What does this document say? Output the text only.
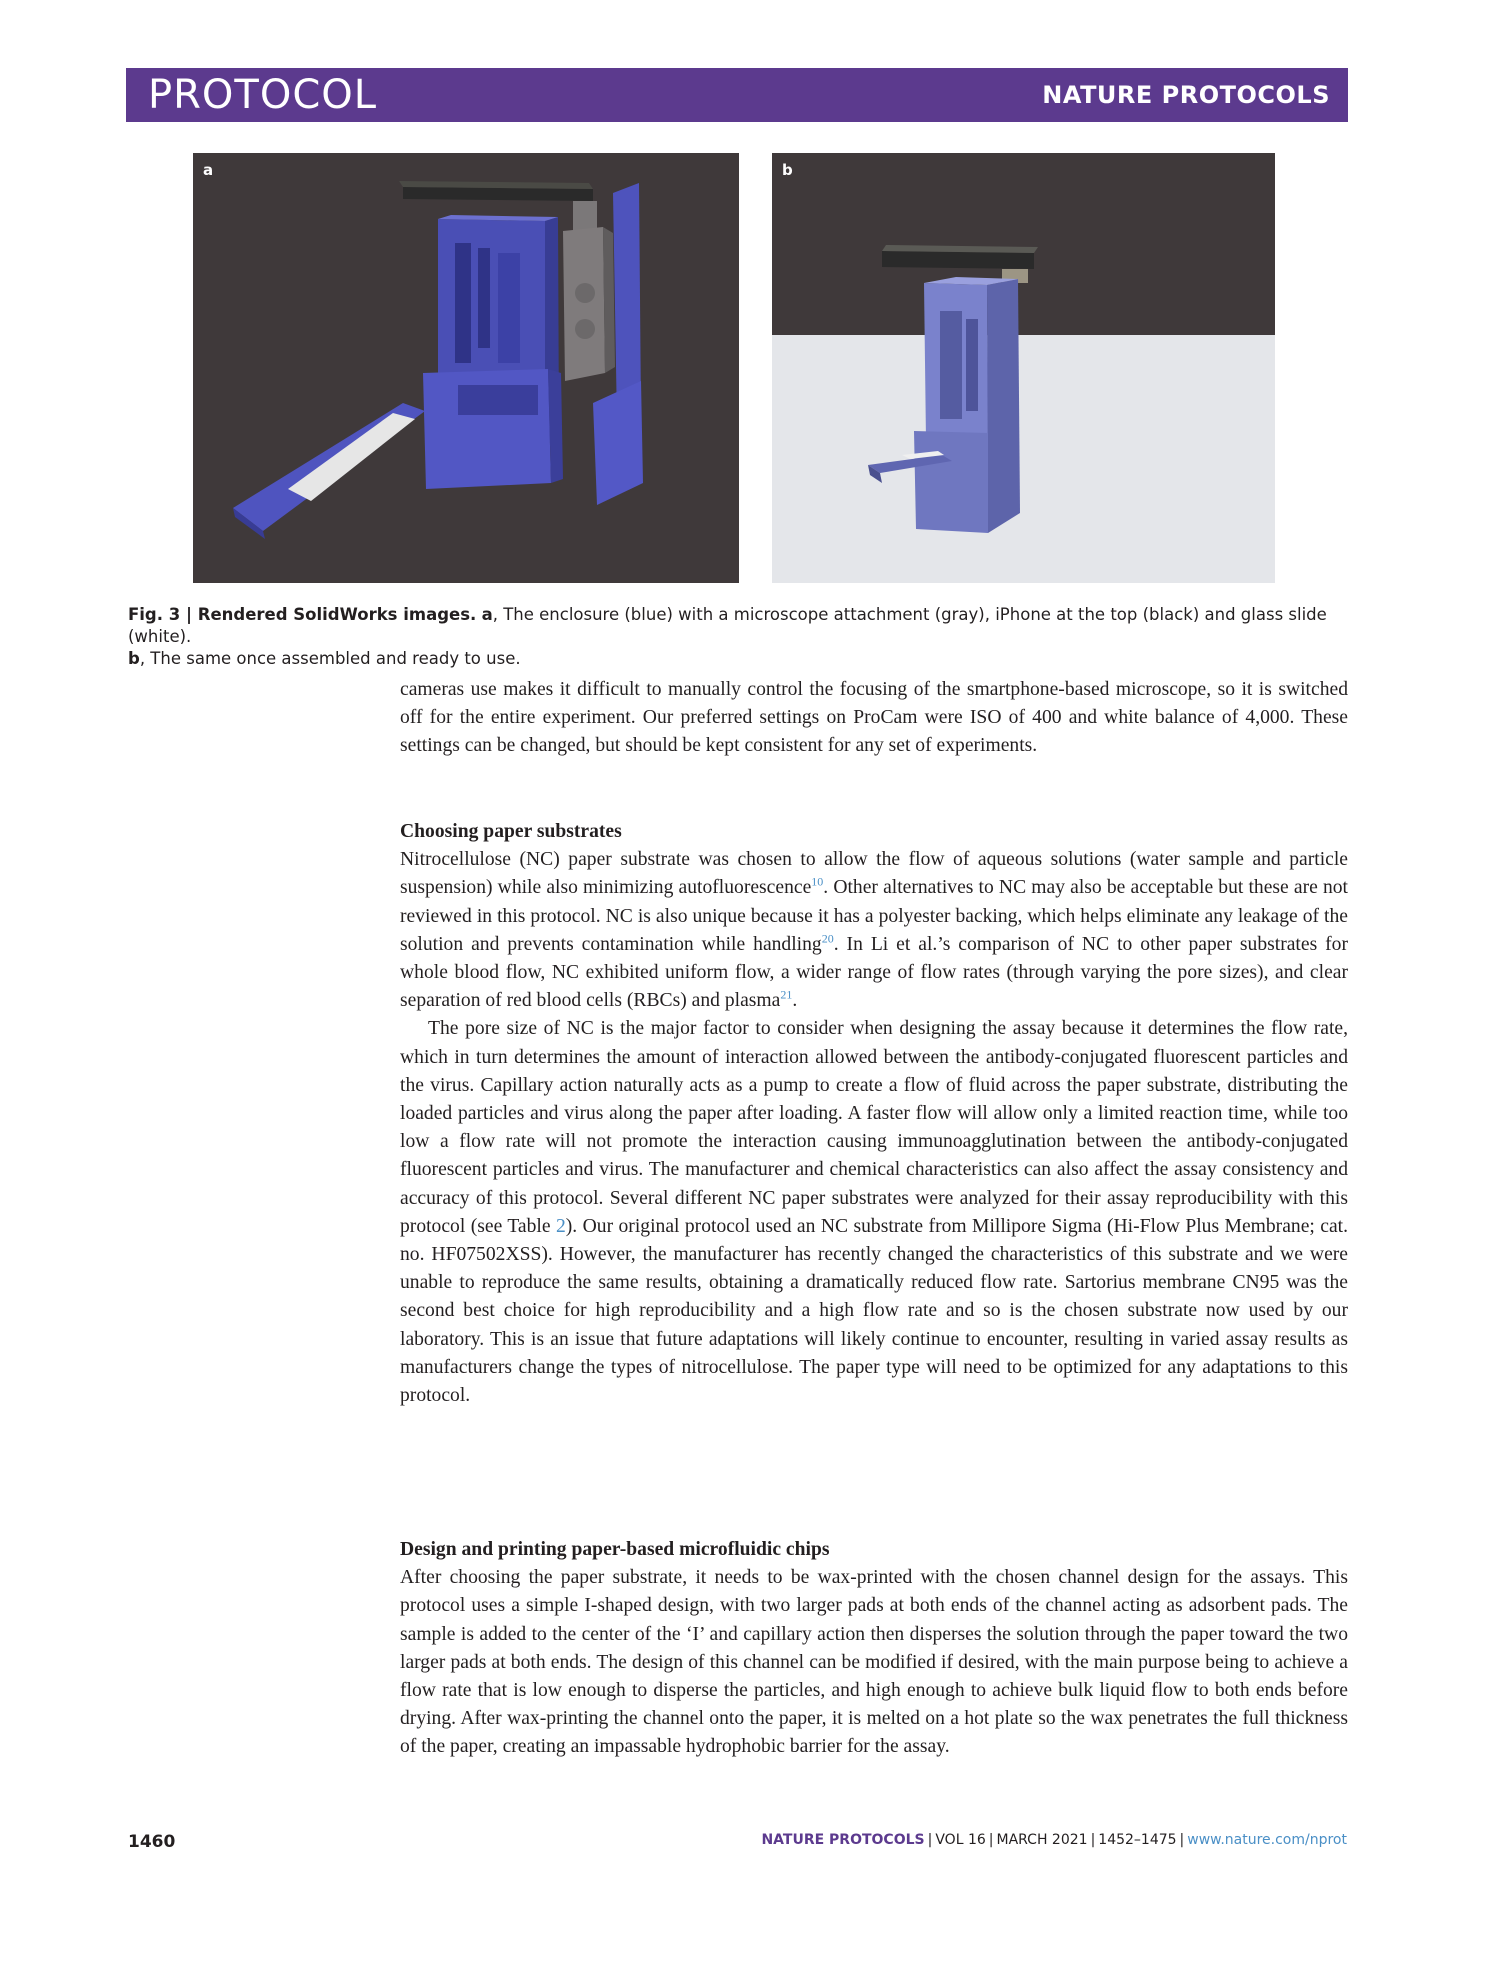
PROTOCOL	NATURE PROTOCOLS
a	b
Fig. 3 | Rendered SolidWorks images. a, The enclosure (blue) with a microscope attachment (gray), iPhone at the top (black) and glass slide (white).
b, The same once assembled and ready to use.

cameras use makes it difficult to manually control the focusing of the smartphone-based microscope, so it is switched off for the entire experiment. Our preferred settings on ProCam were ISO of 400 and white balance of 4,000. These settings can be changed, but should be kept consistent for any set of experiments.

Choosing paper substrates

Nitrocellulose (NC) paper substrate was chosen to allow the flow of aqueous solutions (water sample and particle suspension) while also minimizing autofluorescence$^{10}$. Other alternatives to NC may also be acceptable but these are not reviewed in this protocol. NC is also unique because it has a polyester backing, which helps eliminate any leakage of the solution and prevents contamination while handling$^{20}$. In Li et al.’s comparison of NC to other paper substrates for whole blood flow, NC exhibited uniform flow, a wider range of flow rates (through varying the pore sizes), and clear separation of red blood cells (RBCs) and plasma$^{21}$.

The pore size of NC is the major factor to consider when designing the assay because it determines the flow rate, which in turn determines the amount of interaction allowed between the antibody-conjugated fluorescent particles and the virus. Capillary action naturally acts as a pump to create a flow of fluid across the paper substrate, distributing the loaded particles and virus along the paper after loading. A faster flow will allow only a limited reaction time, while too low a flow rate will not promote the interaction causing immunoagglutination between the antibody-conjugated fluorescent particles and virus. The manufacturer and chemical characteristics can also affect the assay consistency and accuracy of this protocol. Several different NC paper substrates were analyzed for their assay reproducibility with this protocol (see Table 2). Our original protocol used an NC substrate from Millipore Sigma (Hi-Flow Plus Membrane; cat. no. HF07502XSS). However, the manufacturer has recently changed the characteristics of this substrate and we were unable to reproduce the same results, obtaining a dramatically reduced flow rate. Sartorius membrane CN95 was the second best choice for high reproducibility and a high flow rate and so is the chosen substrate now used by our laboratory. This is an issue that future adaptations will likely continue to encounter, resulting in varied assay results as manufacturers change the types of nitrocellulose. The paper type will need to be optimized for any adaptations to this protocol.

Design and printing paper-based microfluidic chips

After choosing the paper substrate, it needs to be wax-printed with the chosen channel design for the assays. This protocol uses a simple I-shaped design, with two larger pads at both ends of the channel acting as adsorbent pads. The sample is added to the center of the ‘I’ and capillary action then disperses the solution through the paper toward the two larger pads at both ends. The design of this channel can be modified if desired, with the main purpose being to achieve a flow rate that is low enough to disperse the particles, and high enough to achieve bulk liquid flow to both ends before drying. After wax-printing the channel onto the paper, it is melted on a hot plate so the wax penetrates the full thickness of the paper, creating an impassable hydrophobic barrier for the assay.

1460	NATURE PROTOCOLS | VOL 16 | MARCH 2021 | 1452–1475 | www.nature.com/nprot
